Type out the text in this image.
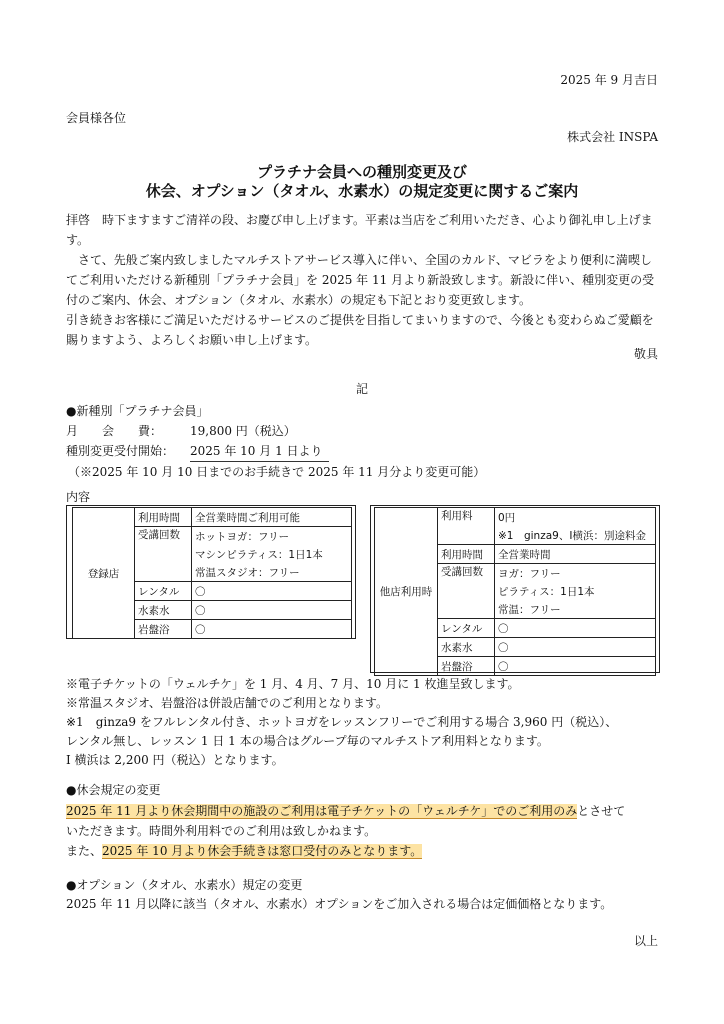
2025 年 9 月吉日
会員様各位
株式会社 INSPA
プラチナ会員への種別変更及び
休会、オプション（タオル、水素水）の規定変更に関するご案内

拝啓　時下ますますご清祥の段、お慶び申し上げます。平素は当店をご利用いただき、心より御礼申し上げます。

　さて、先般ご案内致しましたマルチストアサービス導入に伴い、全国のカルド、マビラをより便利に満喫してご利用いただける新種別「プラチナ会員」を 2025 年 11 月より新設致します。新設に伴い、種別変更の受付のご案内、休会、オプション（タオル、水素水）の規定も下記とおり変更致します。

引き続きお客様にご満足いただけるサービスのご提供を目指してまいりますので、今後とも変わらぬご愛顧を賜りますよう、よろしくお願い申し上げます。

敬具
記
●新種別「プラチナ会員」
月　　会　　費： 19,800 円（税込）
種別変更受付開始： 2025 年 10 月 1 日より
（※2025 年 10 月 10 日までのお手続きで 2025 年 11 月分より変更可能）
内容
登録店	利用時間	全営業時間ご利用可能
	受講回数	ホットヨガ：フリー
		マシンピラティス：1日1本
		常温スタジオ：フリー
	レンタル	〇
	水素水	〇
	岩盤浴	〇
他店利用時	利用料	0円
		※1　ginza9、I横浜：別途料金
	利用時間	全営業時間
	受講回数	ヨガ：フリー
		ピラティス：1日1本
		常温：フリー
	レンタル	〇
	水素水	〇
	岩盤浴	〇

※電子チケットの「ウェルチケ」を 1 月、4 月、7 月、10 月に 1 枚進呈致します。

※常温スタジオ、岩盤浴は併設店舗でのご利用となります。

※1　ginza9 をフルレンタル付き、ホットヨガをレッスンフリーでご利用する場合 3,960 円（税込）、

レンタル無し、レッスン 1 日 1 本の場合はグループ毎のマルチストア利用料となります。

I 横浜は 2,200 円（税込）となります。

●休会規定の変更

2025 年 11 月より休会期間中の施設のご利用は電子チケットの「ウェルチケ」でのご利用のみとさせて

いただきます。時間外利用料でのご利用は致しかねます。

また、2025 年 10 月より休会手続きは窓口受付のみとなります。

●オプション（タオル、水素水）規定の変更
2025 年 11 月以降に該当（タオル、水素水）オプションをご加入される場合は定価価格となります。
以上
